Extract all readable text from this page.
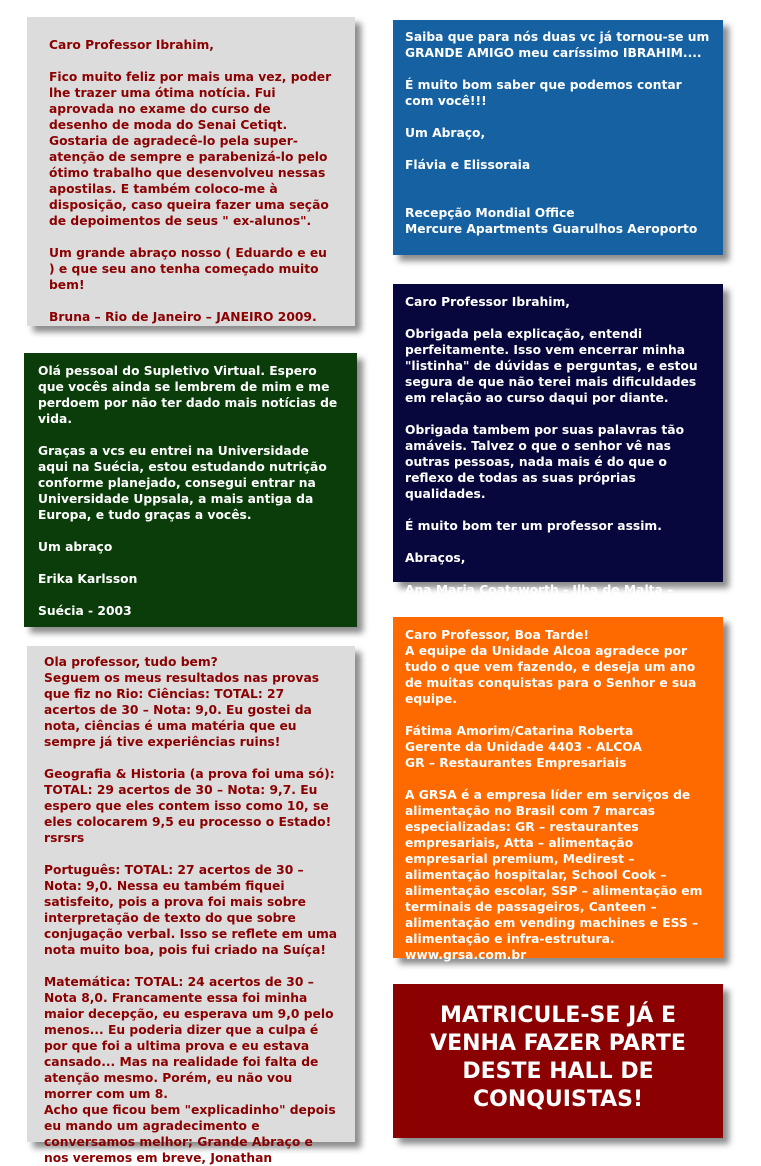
Caro Professor Ibrahim,

Fico muito feliz por mais uma vez, poder lhe trazer uma ótima notícia. Fui aprovada no exame do curso de desenho de moda do Senai Cetiqt. Gostaria de agradecê-lo pela super-atenção de sempre e parabenizá-lo pelo ótimo trabalho que desenvolveu nessas apostilas. E também coloco-me à disposição, caso queira fazer uma seção de depoimentos de seus " ex-alunos".

Um grande abraço nosso ( Eduardo e eu ) e que seu ano tenha começado muito bem!

Bruna – Rio de Janeiro – JANEIRO 2009.
Saiba que para nós duas vc já tornou-se um GRANDE AMIGO meu caríssimo IBRAHIM....

É muito bom saber que podemos contar com você!!!

Um Abraço,

Flávia e Elissoraia

Recepção Mondial Office
Mercure Apartments Guarulhos Aeroporto
Olá pessoal do Supletivo Virtual. Espero que vocês ainda se lembrem de mim e me perdoem por não ter dado mais notícias de vida.

Graças a vcs eu entrei na Universidade aqui na Suécia, estou estudando nutrição conforme planejado, consegui entrar na Universidade Uppsala, a mais antiga da Europa, e tudo graças a vocês.

Um abraço

Erika Karlsson

Suécia - 2003
Caro Professor Ibrahim,

Obrigada pela explicação, entendi perfeitamente. Isso vem encerrar minha "listinha" de dúvidas e perguntas, e estou segura de que não terei mais dificuldades em relação ao curso daqui por diante.

Obrigada tambem por suas palavras tão amáveis. Talvez o que o senhor vê nas outras pessoas, nada mais é do que o reflexo de todas as suas próprias qualidades.

É muito bom ter um professor assim.

Abraços,

Ana Maria Coatsworth - Ilha de Malta – 2008
Ola professor, tudo bem?
Seguem os meus resultados nas provas que fiz no Rio: Ciências: TOTAL: 27 acertos de 30 – Nota: 9,0. Eu gostei da nota, ciências é uma matéria que eu sempre já tive experiências ruins!

Geografia & Historia (a prova foi uma só): TOTAL: 29 acertos de 30 – Nota: 9,7. Eu espero que eles contem isso como 10, se eles colocarem 9,5 eu processo o Estado! rsrsrs

Português: TOTAL: 27 acertos de 30 – Nota: 9,0. Nessa eu também fiquei satisfeito, pois a prova foi mais sobre interpretação de texto do que sobre conjugação verbal. Isso se reflete em uma nota muito boa, pois fui criado na Suíça!

Matemática: TOTAL: 24 acertos de 30 – Nota 8,0. Francamente essa foi minha maior decepção, eu esperava um 9,0 pelo menos... Eu poderia dizer que a culpa é por que foi a ultima prova e eu estava cansado... Mas na realidade foi falta de atenção mesmo. Porém, eu não vou morrer com um 8.
Acho que ficou bem "explicadinho" depois eu mando um agradecimento e conversamos melhor; Grande Abraço e nos veremos em breve, Jonathan
Caro Professor, Boa Tarde!
A equipe da Unidade Alcoa agradece por tudo o que vem fazendo, e deseja um ano de muitas conquistas para o Senhor e sua equipe.

Fátima Amorim/Catarina Roberta
Gerente da Unidade 4403 - ALCOA
GR – Restaurantes Empresariais

A GRSA é a empresa líder em serviços de alimentação no Brasil com 7 marcas especializadas: GR – restaurantes empresariais, Atta – alimentação empresarial premium, Medirest – alimentação hospitalar, School Cook – alimentação escolar, SSP – alimentação em terminais de passageiros, Canteen – alimentação em vending machines e ESS – alimentação e infra-estrutura. www.grsa.com.br
MATRICULE-SE JÁ E
VENHA FAZER PARTE
DESTE HALL DE
CONQUISTAS!
